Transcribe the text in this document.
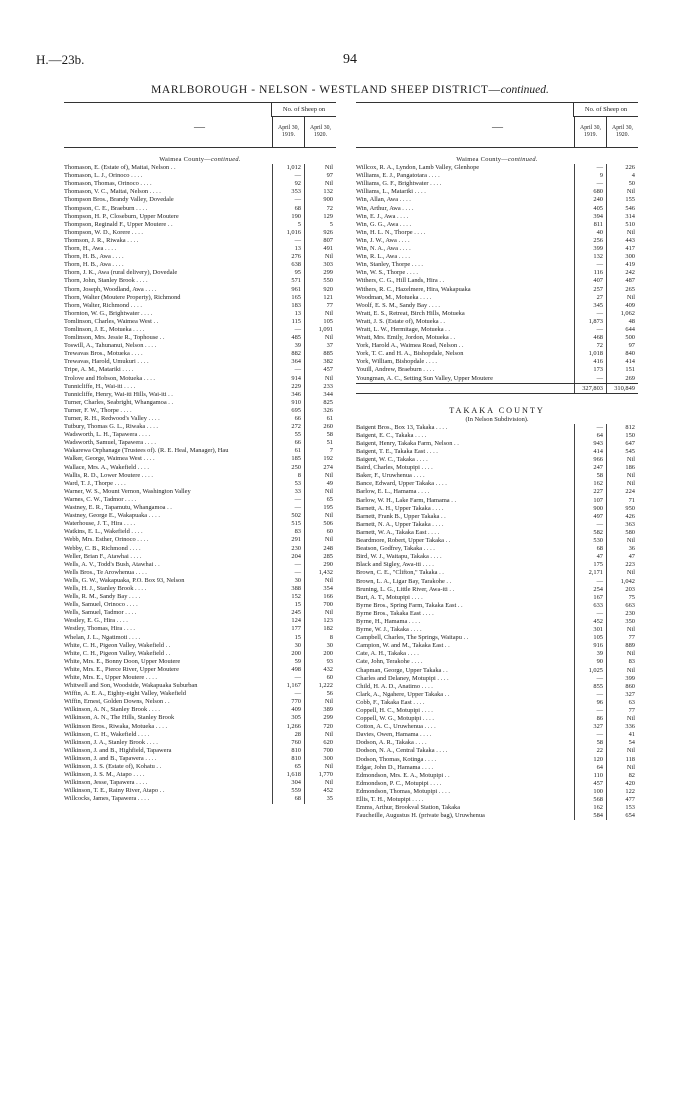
H.—23b.	94
MARLBOROUGH - NELSON - WESTLAND SHEEP DISTRICT—continued.
—
No. of Sheep on
April 30, 1919.
April 30, 1920.
Waimea County—continued.
Thomason, E. (Estate of), Maitai, Nelson . .	1,012	Nil
Thomason, L. J., Orinoco . . . .	—	97
Thomason, Thomas, Orinoco . . . .	92	Nil
Thomason, V. C., Maitai, Nelson . . . .	353	132
Thompson Bros., Brandy Valley, Dovedale	—	900
Thompson, C. E., Braeburn . . . .	68	72
Thompson, H. P., Closeburn, Upper Moutere	190	129
Thompson, Reginald F., Upper Moutere . .	5	5
Thompson, W. D., Korere . . . .	1,016	926
Thomson, J. R., Riwaka . . . .	—	807
Thorn, H., Awa . . . .	13	491
Thorn, H. B., Awa . . . .	276	Nil
Thorn, H. B., Awa . . . .	638	303
Thorn, J. K., Awa (rural delivery), Dovedale	95	299
Thorn, John, Stanley Brook . . . .	571	550
Thorn, Joseph, Woodland, Awa . . . .	961	920
Thorn, Walter (Moutere Property), Richmond	165	121
Thorn, Walter, Richmond . . . .	183	77
Thornton, W. G., Brightwater . . . .	13	Nil
Tomlinson, Charles, Waimea West . .	115	105
Tomlinson, J. E., Motueka . . . .	—	1,091
Tomlinson, Mrs. Jessie R., Tophouse . .	485	Nil
Toswill, A., Tahunanui, Nelson . . . .	39	37
Trewavas Bros., Motueka . . . .	882	885
Trewavas, Harold, Umukuri . . . .	364	382
Tripe, A. M., Matariki . . . .	—	457
Trolove and Hobson, Motueka . . . .	914	Nil
Tunnicliffe, H., Wai-iti . . . .	229	233
Tunnicliffe, Henry, Wai-iti Hills, Wai-iti . .	346	344
Turner, Charles, Seabright, Whangamoa . .	910	825
Turner, F. W., Thorpe . . . .	695	326
Turner, R. H., Redwood's Valley . . . .	66	61
Tutbury, Thomas G. L., Riwaka . . . .	272	260
Wadsworth, L. H., Tapawera . . . .	55	58
Wadsworth, Samuel, Tapawera . . . .	66	51
Wakarewa Orphanage (Trustees of). (R. E. Heal, Manager), Hau	61	7
Walker, George, Waimea West . . . .	185	192
Wallace, Mrs. A., Wakefield . . . .	250	274
Wallis, R. D., Lower Moutere . . . .	8	Nil
Ward, T. J., Thorpe . . . .	53	49
Warner, W. S., Mount Vernon, Washington Valley	33	Nil
Warnes, C. W., Tadmor . . . .	—	65
Wastney, E. R., Tapamutu, Whangamoa . .	—	195
Wastney, George E., Wakapuaka . . . .	502	Nil
Waterhouse, J. T., Hira . . . .	515	506
Watkins, E. L., Wakefield . . . .	83	60
Webb, Mrs. Esther, Orinoco . . . .	291	Nil
Webby, C. B., Richmond . . . .	230	248
Weller, Brian F., Atawhai . . . .	204	285
Wells, A. V., Todd's Bush, Atawhai . .	—	290
Wells Bros., Te Arowhenua . . . .	—	1,432
Wells, G. W., Wakapuaka, P.O. Box 93, Nelson	30	Nil
Wells, H. J., Stanley Brook . . . .	388	354
Wells, R. M., Sandy Bay . . . .	152	166
Wells, Samuel, Orinoco . . . .	15	700
Wells, Samuel, Tadmor . . . .	245	Nil
Westley, E. G., Hira . . . .	124	123
Westley, Thomas, Hira . . . .	177	182
Whelan, J. L., Ngatimoti . . . .	15	8
White, C. H., Pigeon Valley, Wakefield . .	30	30
White, C. H., Pigeon Valley, Wakefield . .	200	200
White, Mrs. E., Bonny Doon, Upper Moutere	59	93
White, Mrs. E., Pierce River, Upper Moutere	498	432
White, Mrs. E., Upper Moutere . . . .	—	60
Whitwell and Son, Woodside, Wakapuaka Suburban	1,167	1,222
Wiffin, A. E. A., Eighty-eight Valley, Wakefield	—	56
Wiffin, Ernest, Golden Downs, Nelson . .	770	Nil
Wilkinson, A. N., Stanley Brook . . . .	409	389
Wilkinson, A. N., The Hills, Stanley Brook	305	299
Wilkinson Bros., Riwaka, Motueka . . . .	1,266	720
Wilkinson, C. H., Wakefield . . . .	28	Nil
Wilkinson, J. A., Stanley Brook . . . .	760	620
Wilkinson, J. and B., Highfield, Tapawera	810	700
Wilkinson, J. and B., Tapawera . . . .	810	300
Wilkinson, J. S. (Estate of), Kohatu . .	65	Nil
Wilkinson, J. S. M., Atapo . . . .	1,618	1,770
Wilkinson, Jesse, Tapawera . . . .	304	Nil
Wilkinson, T. E., Rainy River, Atapo . .	559	452
Willcocks, James, Tapawera . . . .	68	35
—
No. of Sheep on
April 30, 1919.
April 30, 1920.
Waimea County—continued.
Willcox, R. A., Lyndon, Lamb Valley, Glenhope	—	226
Williams, E. J., Pangatotara . . . .	9	4
Williams, G. F., Brightwater . . . .	—	50
Williams, L., Matariki . . . .	680	Nil
Win, Allan, Awa . . . .	240	155
Win, Arthur, Awa . . . .	405	546
Win, E. J., Awa . . . .	394	314
Win, G. G., Awa . . . .	811	510
Win, H. L. N., Thorpe . . . .	40	Nil
Win, J. W., Awa . . . .	256	443
Win, N. A., Awa . . . .	399	417
Win, R. L., Awa . . . .	132	300
Win, Stanley, Thorpe . . . .	—	419
Win, W. S., Thorpe . . . .	116	242
Withers, C. G., Hill Lands, Hira . .	407	487
Withers, R. C., Hazelmere, Hira, Wakapuaka	257	265
Woodman, M., Motueka . . . .	27	Nil
Woolf, E. S. M., Sandy Bay . . . .	345	409
Wratt, E. S., Retreat, Birch Hills, Motueka	—	1,062
Wratt, J. S. (Estate of), Motueka . .	1,873	48
Wratt, L. W., Hermitage, Motueka . .	—	644
Wratt, Mrs. Emily, Jordon, Motueka . .	468	500
York, Harold A., Waimea Road, Nelson . .	72	97
York, T. C. and H. A., Bishopdale, Nelson	1,018	840
York, William, Bishopdale . . . .	416	414
Youill, Andrew, Braeburn . . . .	173	151
Youngman, A. C., Setting Sun Valley, Upper Moutere	—	269
327,803	310,849
TAKAKA COUNTY
(In Nelson Subdivision).
Baigent Bros., Box 13, Takaka . . . .	—	812
Baigent, E. C., Takaka . . . .	64	150
Baigent, Henry, Takaka Farm, Nelson . .	943	647
Baigent, T. E., Takaka East . . . .	414	545
Baigent, W. C., Takaka . . . .	966	Nil
Baird, Charles, Motupipi . . . .	247	186
Baker, F., Uruwhenua . . . .	58	Nil
Bance, Edward, Upper Takaka . . . .	162	Nil
Barlow, E. L., Hamama . . . .	227	224
Barlow, W. H., Lake Farm, Hamama . .	107	71
Barnett, A. H., Upper Takaka . . . .	900	950
Barnett, Frank B., Upper Takaka . .	497	426
Barnett, N. A., Upper Takaka . . . .	—	363
Barnett, W. A., Takaka East . . . .	582	580
Beardmore, Robert, Upper Takaka . .	530	Nil
Beatson, Godfrey, Takaka . . . .	68	36
Bird, W. J., Waitapu, Takaka . . . .	47	47
Black and Sigley, Awa-iti . . . .	175	223
Brown, C. E., "Clifton," Takaka . .	2,171	Nil
Brown, L. A., Ligar Bay, Tarakohe . .	—	1,042
Bruning, L. G., Little River, Awa-iti . .	254	203
Burt, A. T., Motupipi . . . .	167	75
Byrne Bros., Spring Farm, Takaka East . .	633	663
Byrne Bros., Takaka East . . . .	—	230
Byrne, H., Hamama . . . .	452	350
Byrne, W. J., Takaka . . . .	301	Nil
Campbell, Charles, The Springs, Waitapu . .	105	77
Campion, W. and M., Takaka East . .	916	889
Cate, A. H., Takaka . . . .	39	Nil
Cate, John, Terakohe . . . .	90	83
Chapman, George, Upper Takaka . .	1,025	Nil
Charles and Delaney, Motupipi . . . .	—	399
Child, H. A. D., Anatimo . . . .	855	860
Clark, A., Ngahere, Upper Takaka . .	—	327
Cobb, F., Takaka East . . . .	96	63
Coppell, H. C., Motupipi . . . .	—	77
Coppell, W. G., Motupipi . . . .	86	Nil
Cotton, A. C., Uruwhenua . . . .	327	336
Davies, Owen, Hamama . . . .	—	41
Dodson, A. R., Takaka . . . .	58	54
Dodson, N. A., Central Takaka . . . .	22	Nil
Dodson, Thomas, Kotinga . . . .	120	118
Edgar, John D., Hamama . . . .	64	Nil
Edmondson, Mrs. E. A., Motupipi . .	110	82
Edmondson, P. C., Motupipi . . . .	457	420
Edmondson, Thomas, Motupipi . . . .	100	122
Ellis, T. H., Motupipi . . . .	568	477
Emms, Arthur, Brookval Station, Takaka	162	153
Faucheille, Augustus H. (private bag), Uruwhenua	584	654
